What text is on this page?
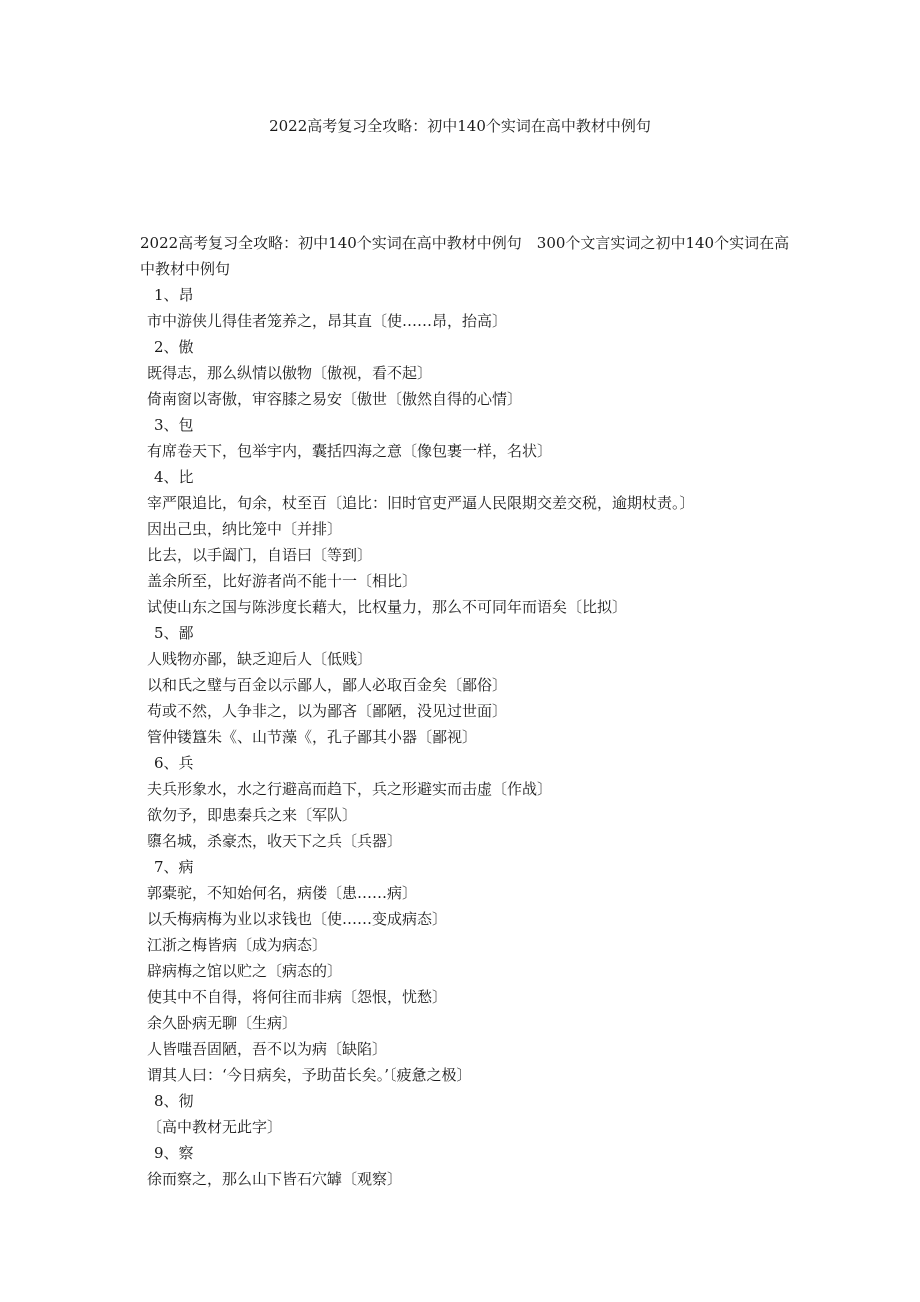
2022高考复习全攻略：初中140个实词在高中教材中例句
2022高考复习全攻略：初中140个实词在高中教材中例句　300个文言实词之初中140个实词在高中教材中例句
1、昂
市中游侠儿得佳者笼养之，昂其直〔使……昂，抬高〕
2、傲
既得志，那么纵情以傲物〔傲视，看不起〕
倚南窗以寄傲，审容膝之易安〔傲世〔傲然自得的心情〕
3、包
有席卷天下，包举宇内，囊括四海之意〔像包裹一样，名状〕
4、比
宰严限追比，旬余，杖至百〔追比：旧时官吏严逼人民限期交差交税，逾期杖责。〕
因出己虫，纳比笼中〔并排〕
比去，以手阖门，自语曰〔等到〕
盖余所至，比好游者尚不能十一〔相比〕
试使山东之国与陈涉度长藉大，比权量力，那么不可同年而语矣〔比拟〕
5、鄙
人贱物亦鄙，缺乏迎后人〔低贱〕
以和氏之璧与百金以示鄙人，鄙人必取百金矣〔鄙俗〕
苟或不然，人争非之，以为鄙吝〔鄙陋，没见过世面〕
管仲镂簋朱《、山节藻《，孔子鄙其小器〔鄙视〕
6、兵
夫兵形象水，水之行避高而趋下，兵之形避实而击虚〔作战〕
欲勿予，即患秦兵之来〔军队〕
隳名城，杀豪杰，收天下之兵〔兵器〕
7、病
郭橐驼，不知始何名，病偻〔患……病〕
以夭梅病梅为业以求钱也〔使……变成病态〕
江浙之梅皆病〔成为病态〕
辟病梅之馆以贮之〔病态的〕
使其中不自得，将何往而非病〔怨恨，忧愁〕
余久卧病无聊〔生病〕
人皆嗤吾固陋，吾不以为病〔缺陷〕
谓其人曰：‘今日病矣，予助苗长矣。’〔疲惫之极〕
8、彻
〔高中教材无此字〕
9、察
徐而察之，那么山下皆石穴罅〔观察〕
